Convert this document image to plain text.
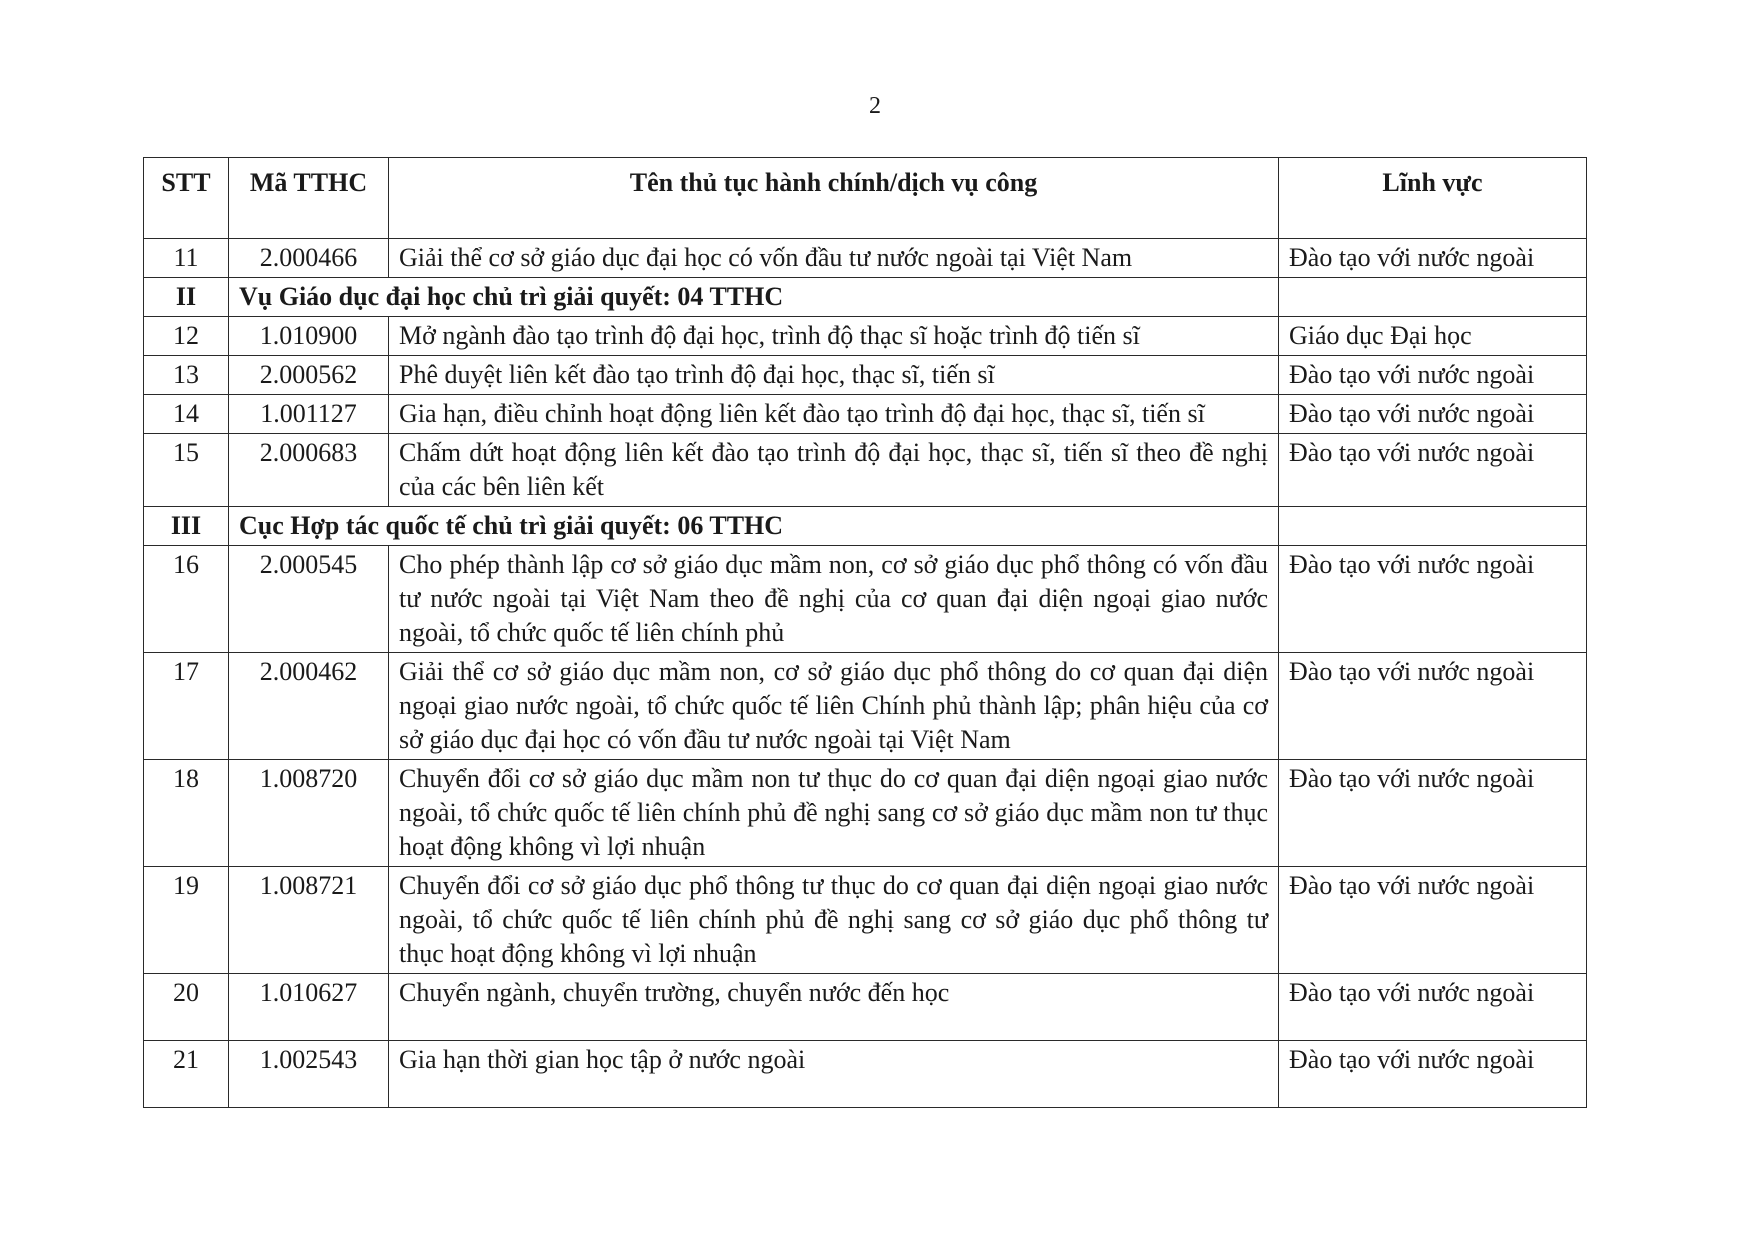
2
STT	Mã TTHC	Tên thủ tục hành chính/dịch vụ công	Lĩnh vực
11	2.000466	Giải thể cơ sở giáo dục đại học có vốn đầu tư nước ngoài tại Việt Nam	Đào tạo với nước ngoài
II	Vụ Giáo dục đại học chủ trì giải quyết: 04 TTHC		
12	1.010900	Mở ngành đào tạo trình độ đại học, trình độ thạc sĩ hoặc trình độ tiến sĩ	Giáo dục Đại học
13	2.000562	Phê duyệt liên kết đào tạo trình độ đại học, thạc sĩ, tiến sĩ	Đào tạo với nước ngoài
14	1.001127	Gia hạn, điều chỉnh hoạt động liên kết đào tạo trình độ đại học, thạc sĩ, tiến sĩ	Đào tạo với nước ngoài
15	2.000683	Chấm dứt hoạt động liên kết đào tạo trình độ đại học, thạc sĩ, tiến sĩ theo đề nghị của các bên liên kết	Đào tạo với nước ngoài
III	Cục Hợp tác quốc tế chủ trì giải quyết: 06 TTHC		
16	2.000545	Cho phép thành lập cơ sở giáo dục mầm non, cơ sở giáo dục phổ thông có vốn đầu tư nước ngoài tại Việt Nam theo đề nghị của cơ quan đại diện ngoại giao nước ngoài, tổ chức quốc tế liên chính phủ	Đào tạo với nước ngoài
17	2.000462	Giải thể cơ sở giáo dục mầm non, cơ sở giáo dục phổ thông do cơ quan đại diện ngoại giao nước ngoài, tổ chức quốc tế liên Chính phủ thành lập; phân hiệu của cơ sở giáo dục đại học có vốn đầu tư nước ngoài tại Việt Nam	Đào tạo với nước ngoài
18	1.008720	Chuyển đổi cơ sở giáo dục mầm non tư thục do cơ quan đại diện ngoại giao nước ngoài, tổ chức quốc tế liên chính phủ đề nghị sang cơ sở giáo dục mầm non tư thục hoạt động không vì lợi nhuận	Đào tạo với nước ngoài
19	1.008721	Chuyển đổi cơ sở giáo dục phổ thông tư thục do cơ quan đại diện ngoại giao nước ngoài, tổ chức quốc tế liên chính phủ đề nghị sang cơ sở giáo dục phổ thông tư thục hoạt động không vì lợi nhuận	Đào tạo với nước ngoài
20	1.010627	Chuyển ngành, chuyển trường, chuyển nước đến học	Đào tạo với nước ngoài
21	1.002543	Gia hạn thời gian học tập ở nước ngoài	Đào tạo với nước ngoài
